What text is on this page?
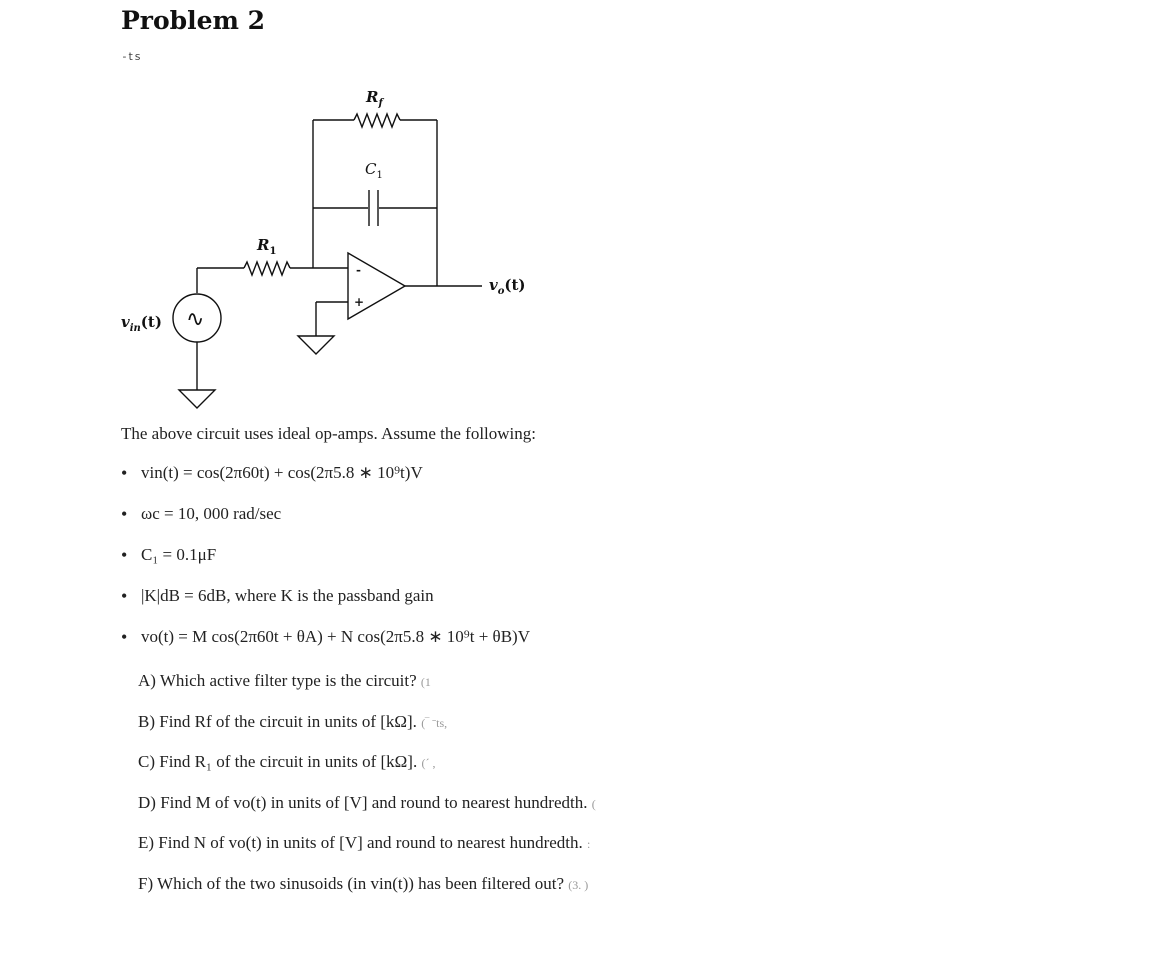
Problem 2
̴̴̴ ̵ts
∿
-
+
$R_f$
$C_1$
$R_1$
$v_o(t)$
$v_{in}(t)$
The above circuit uses ideal op-amps. Assume the following:
• vin(t) = cos(2π60t) + cos(2π5.8 ∗ 10⁹t)V
• ωc = 10, 000 rad/sec
• C₁ = 0.1μF
• |K|dB = 6dB, where K is the passband gain
• vo(t) = M cos(2π60t + θA) + N cos(2π5.8 ∗ 10⁹t + θB)V
A) Which active filter type is the circuit? (1
B) Find Rf of the circuit in units of [kΩ]. (‾ ˉts,
C) Find R₁ of the circuit in units of [kΩ]. (´ ,
D) Find M of vo(t) in units of [V] and round to nearest hundredth. (
E) Find N of vo(t) in units of [V] and round to nearest hundredth. :
F) Which of the two sinusoids (in vin(t)) has been filtered out? (3. )
